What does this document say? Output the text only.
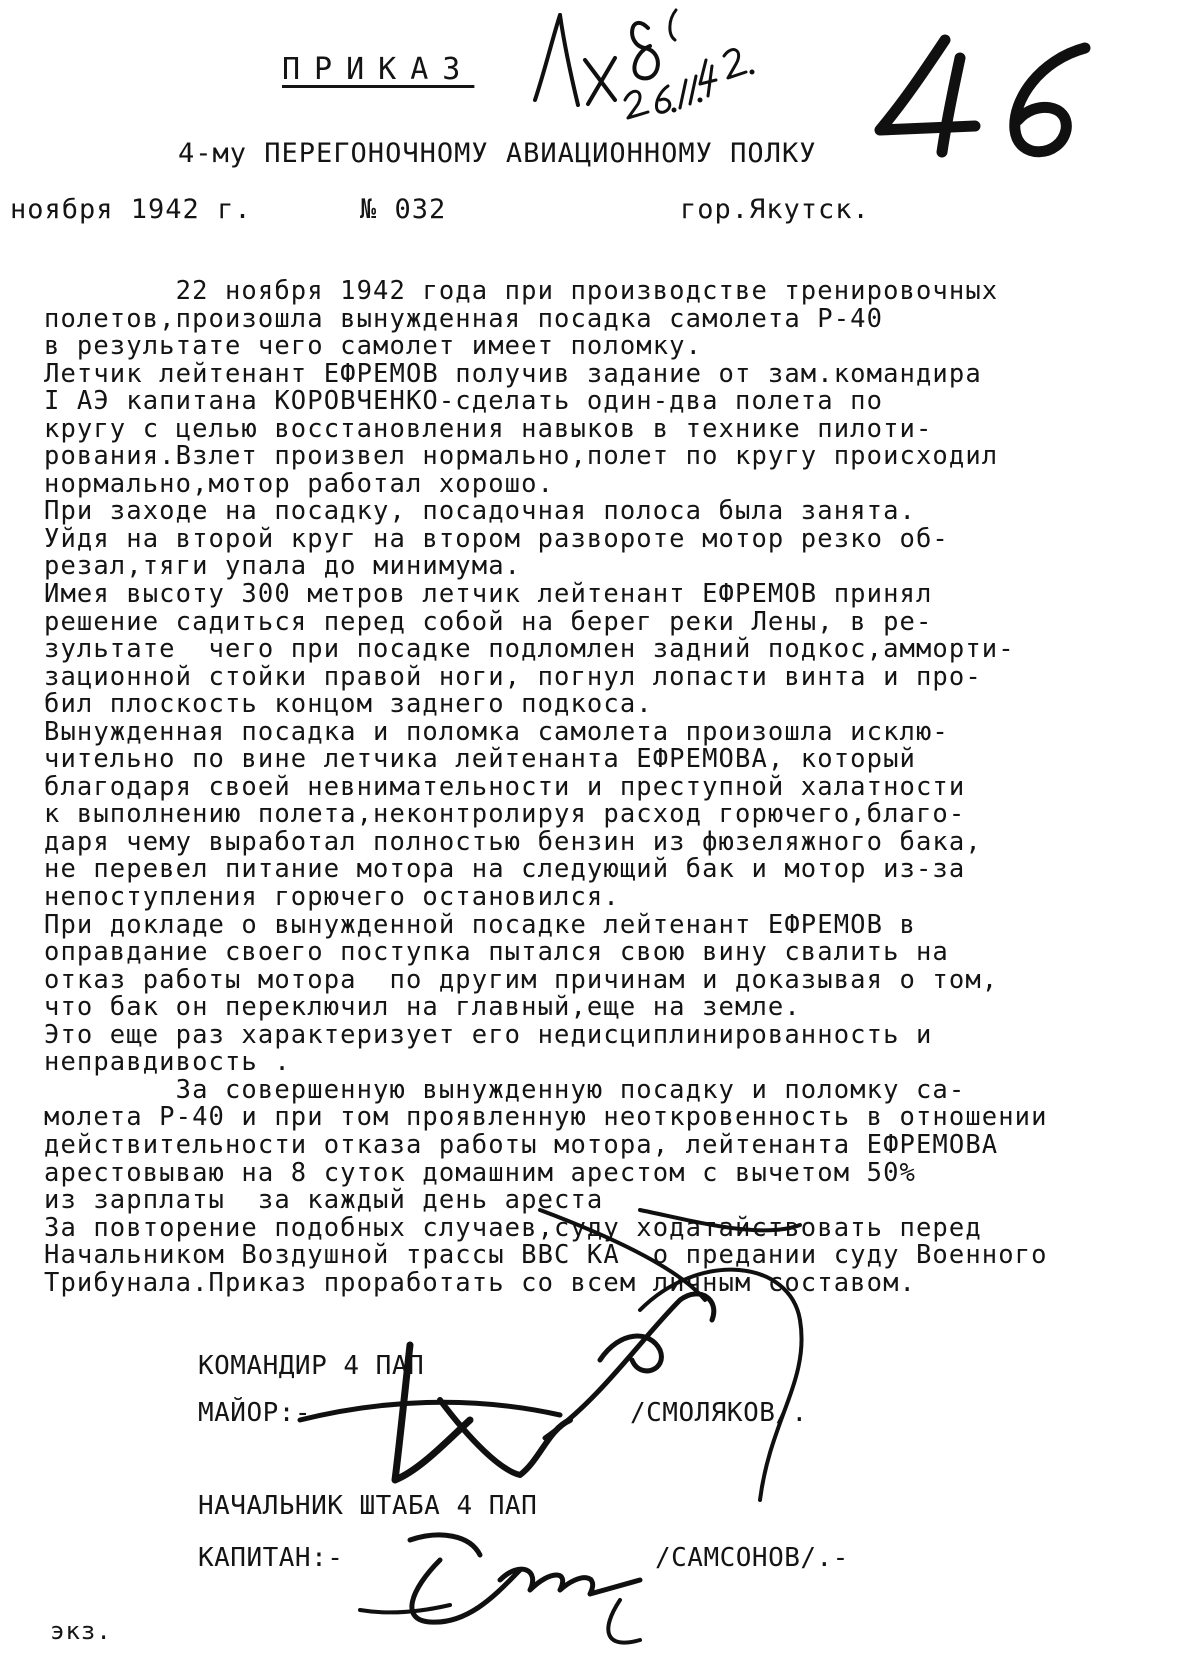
ПРИКАЗ
4-му ПЕРЕГОНОЧНОМУ АВИАЦИОННОМУ ПОЛКУ
ноября 1942 г.	№ 032	гор.Якутск.
22 ноября 1942 года при производстве тренировочных
полетов,произошла вынужденная посадка самолета Р-40
в результате чего самолет имеет поломку.
Летчик лейтенант ЕФРЕМОВ получив задание от зам.командира
I АЭ капитана КОРОВЧЕНКО-сделать один-два полета по
кругу с целью восстановления навыков в технике пилоти-
рования.Взлет произвел нормально,полет по кругу происходил
нормально,мотор работал хорошо.
При заходе на посадку, посадочная полоса была занята.
Уйдя на второй круг на втором развороте мотор резко об-
резал,тяги упала до минимума.
Имея высоту 300 метров летчик лейтенант ЕФРЕМОВ принял
решение садиться перед собой на берег реки Лены, в ре-
зультате  чего при посадке подломлен задний подкос,амморти-
зационной стойки правой ноги, погнул лопасти винта и про-
бил плоскость концом заднего подкоса.
Вынужденная посадка и поломка самолета произошла исклю-
чительно по вине летчика лейтенанта ЕФРЕМОВА, который
благодаря своей невнимательности и преступной халатности
к выполнению полета,неконтролируя расход горючего,благо-
даря чему выработал полностью бензин из фюзеляжного бака,
не перевел питание мотора на следующий бак и мотор из-за
непоступления горючего остановился.
При докладе о вынужденной посадке лейтенант ЕФРЕМОВ в
оправдание своего поступка пытался свою вину свалить на
отказ работы мотора  по другим причинам и доказывая о том,
что бак он переключил на главный,еще на земле.
Это еще раз характеризует его недисциплинированность и
неправдивость .
За совершенную вынужденную посадку и поломку са-
молета Р-40 и при том проявленную неоткровенность в отношении
действительности отказа работы мотора, лейтенанта ЕФРЕМОВА
арестовываю на 8 суток домашним арестом с вычетом 50%
из зарплаты  за каждый день ареста
За повторение подобных случаев,суду ходатайствовать перед
Начальником Воздушной трассы ВВС КА  о предании суду Военного
Трибунала.Приказ проработать со всем личным составом.
КОМАНДИР 4 ПАП
МАЙОР:-	/СМОЛЯКОВ/.
НАЧАЛЬНИК ШТАБА 4 ПАП
КАПИТАН:-	/САМСОНОВ/.-
экз.
